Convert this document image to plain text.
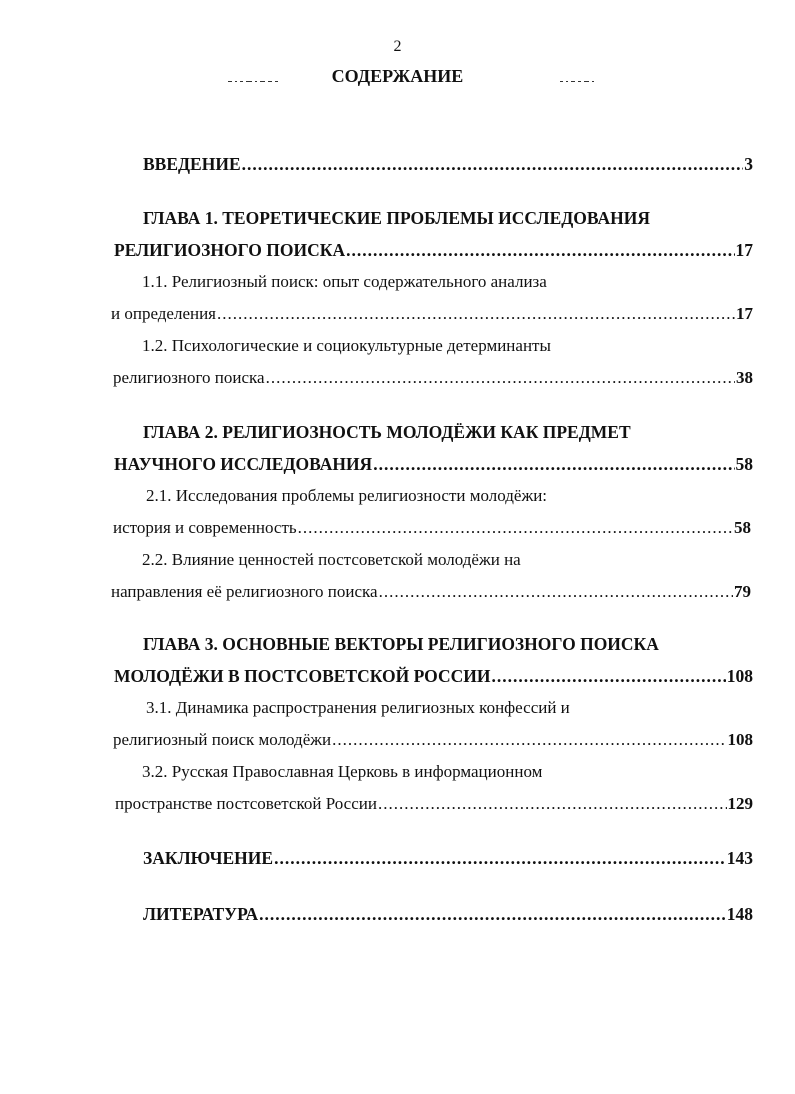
2
СОДЕРЖАНИЕ
ВВЕДЕНИЕ .....	3
ГЛАВА 1. ТЕОРЕТИЧЕСКИЕ ПРОБЛЕМЫ ИССЛЕДОВАНИЯ
РЕЛИГИОЗНОГО ПОИСКА .....	17
1.1. Религиозный поиск: опыт содержательного анализа
и определения .....	17
1.2. Психологические и социокультурные детерминанты
религиозного поиска .....	38
ГЛАВА 2. РЕЛИГИОЗНОСТЬ МОЛОДЁЖИ КАК ПРЕДМЕТ
НАУЧНОГО ИССЛЕДОВАНИЯ .....	58
2.1. Исследования проблемы религиозности молодёжи:
история и современность .....	58
2.2. Влияние ценностей постсоветской молодёжи на
направления её религиозного поиска .....	79
ГЛАВА 3. ОСНОВНЫЕ ВЕКТОРЫ РЕЛИГИОЗНОГО ПОИСКА
МОЛОДЁЖИ В ПОСТСОВЕТСКОЙ РОССИИ .....	108
3.1. Динамика распространения религиозных конфессий и
религиозный поиск молодёжи .....	108
3.2. Русская Православная Церковь в информационном
пространстве постсоветской России .....	129
ЗАКЛЮЧЕНИЕ .....	143
ЛИТЕРАТУРА .....	148
